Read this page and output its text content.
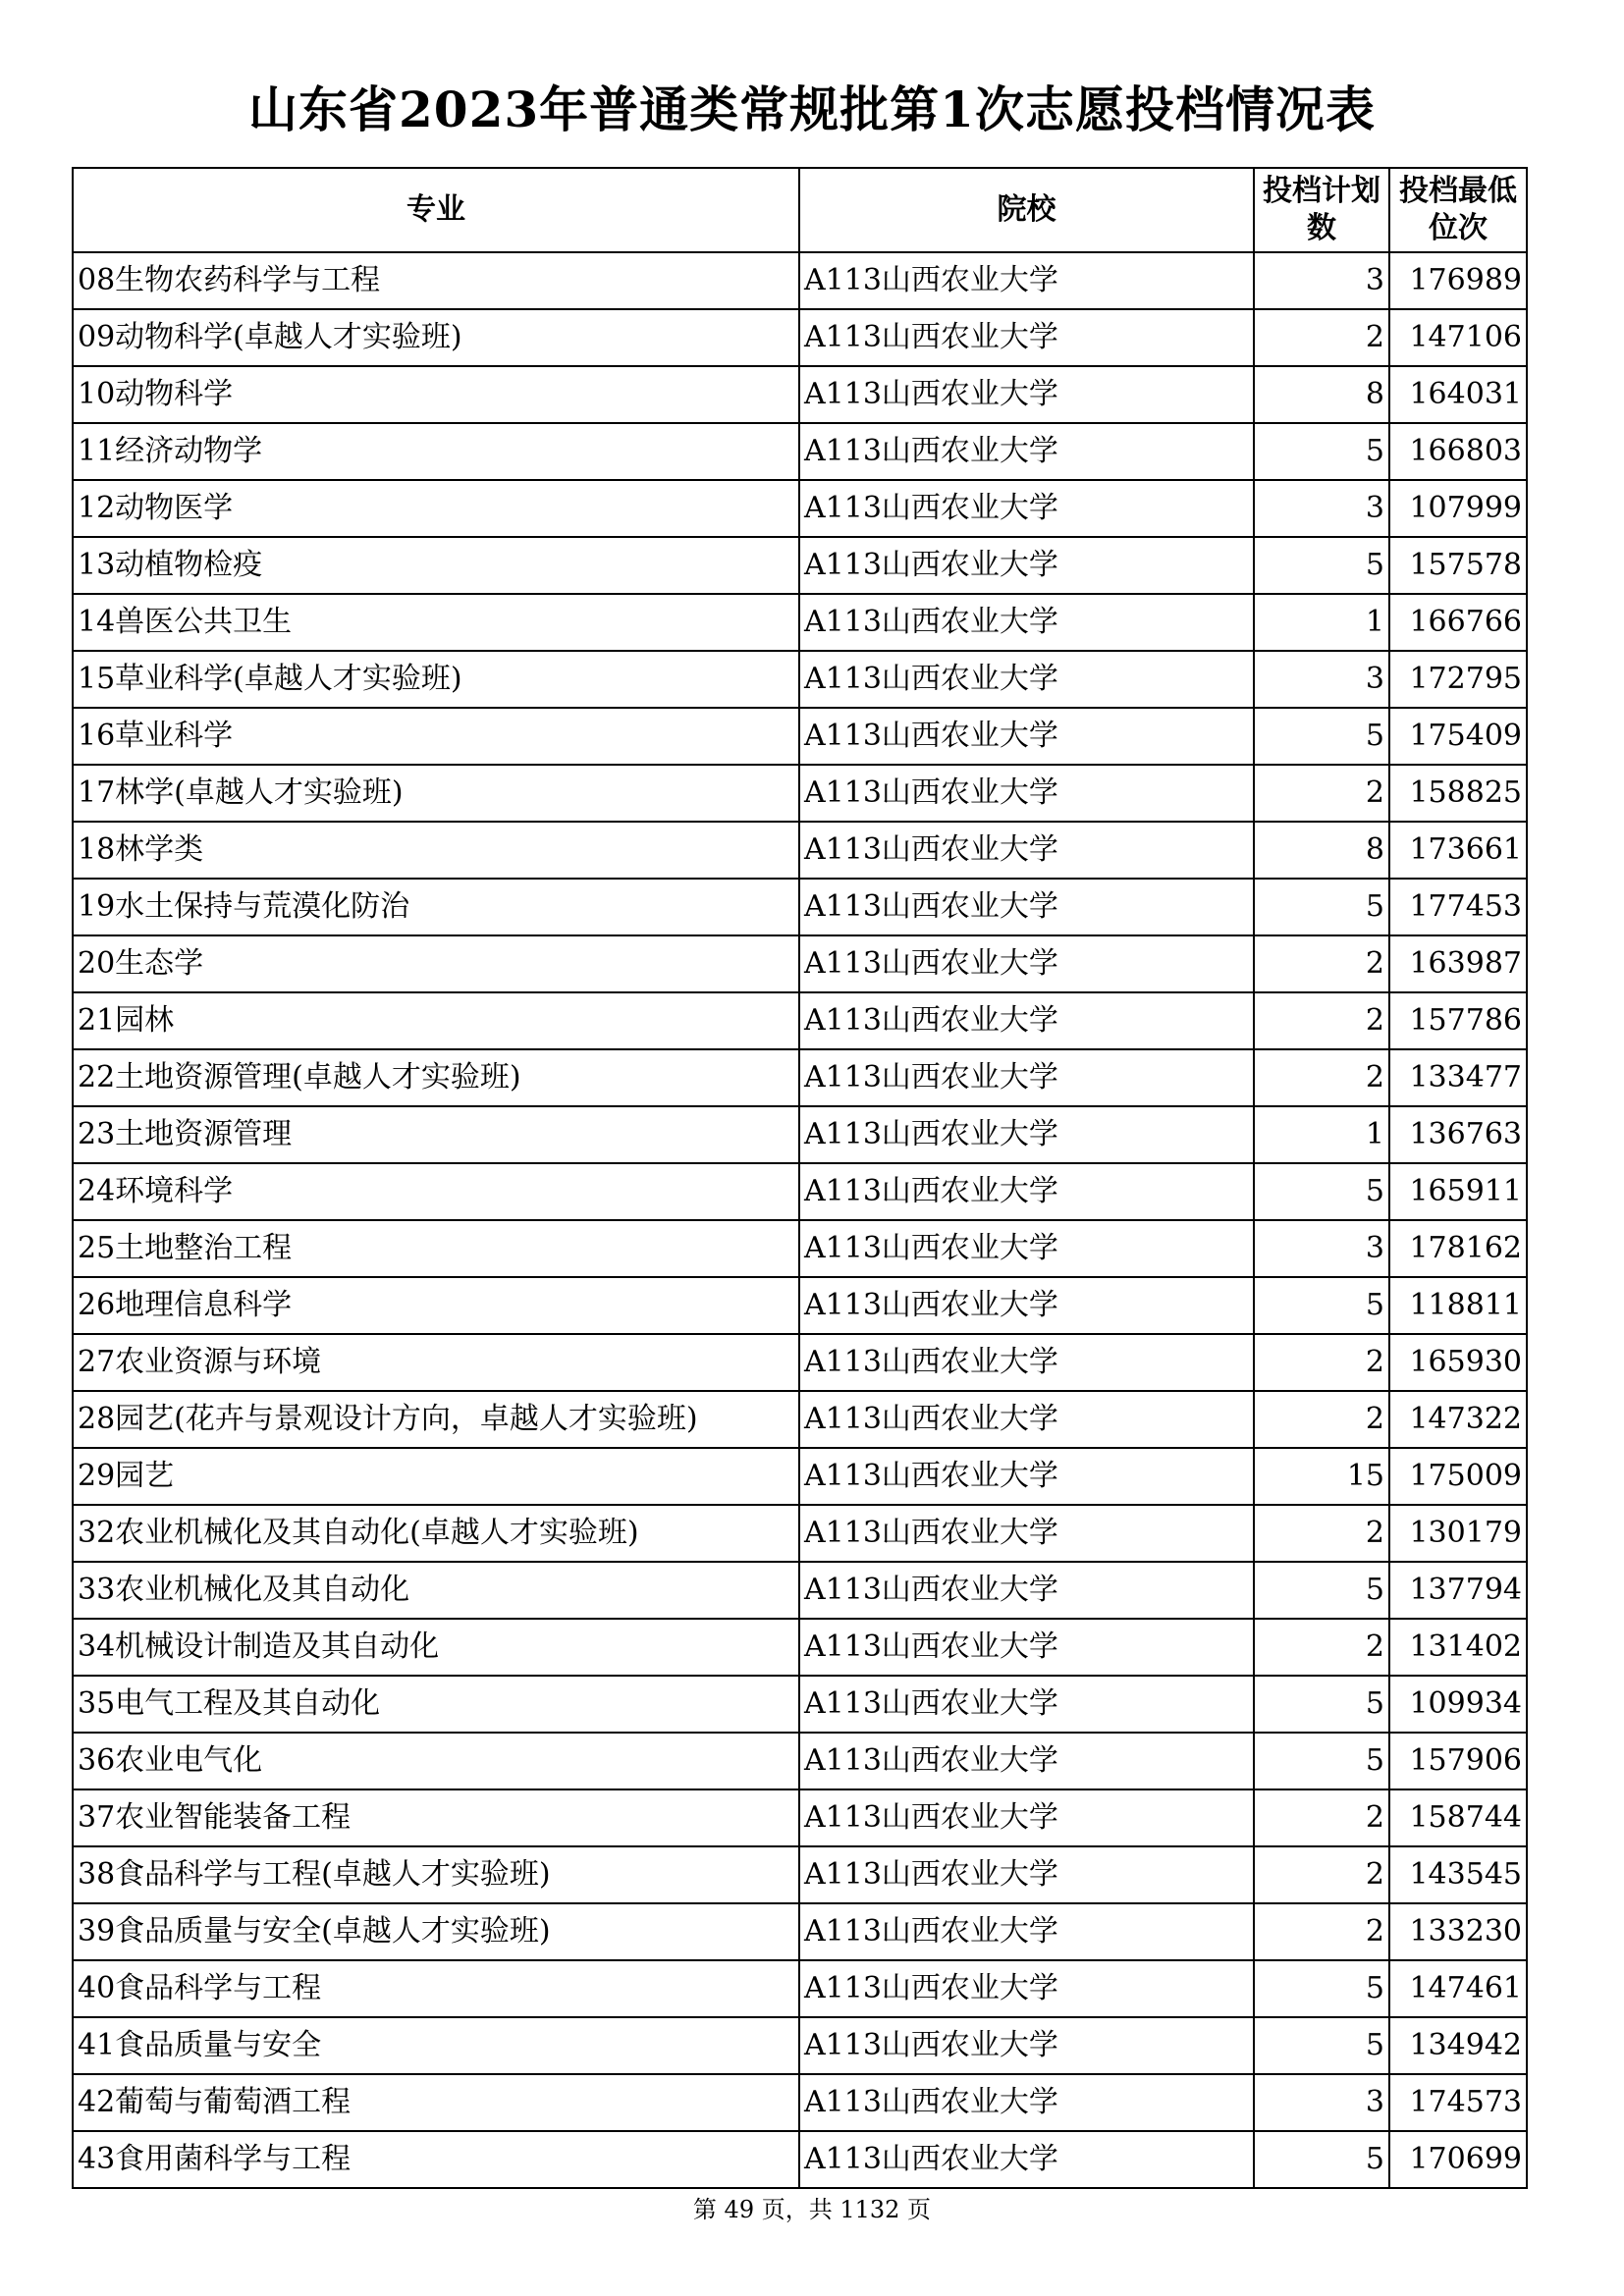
山东省2023年普通类常规批第1次志愿投档情况表
专业	院校	投档计划数	投档最低位次
08生物农药科学与工程	A113山西农业大学	3	176989
09动物科学(卓越人才实验班)	A113山西农业大学	2	147106
10动物科学	A113山西农业大学	8	164031
11经济动物学	A113山西农业大学	5	166803
12动物医学	A113山西农业大学	3	107999
13动植物检疫	A113山西农业大学	5	157578
14兽医公共卫生	A113山西农业大学	1	166766
15草业科学(卓越人才实验班)	A113山西农业大学	3	172795
16草业科学	A113山西农业大学	5	175409
17林学(卓越人才实验班)	A113山西农业大学	2	158825
18林学类	A113山西农业大学	8	173661
19水土保持与荒漠化防治	A113山西农业大学	5	177453
20生态学	A113山西农业大学	2	163987
21园林	A113山西农业大学	2	157786
22土地资源管理(卓越人才实验班)	A113山西农业大学	2	133477
23土地资源管理	A113山西农业大学	1	136763
24环境科学	A113山西农业大学	5	165911
25土地整治工程	A113山西农业大学	3	178162
26地理信息科学	A113山西农业大学	5	118811
27农业资源与环境	A113山西农业大学	2	165930
28园艺(花卉与景观设计方向，卓越人才实验班)	A113山西农业大学	2	147322
29园艺	A113山西农业大学	15	175009
32农业机械化及其自动化(卓越人才实验班)	A113山西农业大学	2	130179
33农业机械化及其自动化	A113山西农业大学	5	137794
34机械设计制造及其自动化	A113山西农业大学	2	131402
35电气工程及其自动化	A113山西农业大学	5	109934
36农业电气化	A113山西农业大学	5	157906
37农业智能装备工程	A113山西农业大学	2	158744
38食品科学与工程(卓越人才实验班)	A113山西农业大学	2	143545
39食品质量与安全(卓越人才实验班)	A113山西农业大学	2	133230
40食品科学与工程	A113山西农业大学	5	147461
41食品质量与安全	A113山西农业大学	5	134942
42葡萄与葡萄酒工程	A113山西农业大学	3	174573
43食用菌科学与工程	A113山西农业大学	5	170699
第 49 页，共 1132 页
